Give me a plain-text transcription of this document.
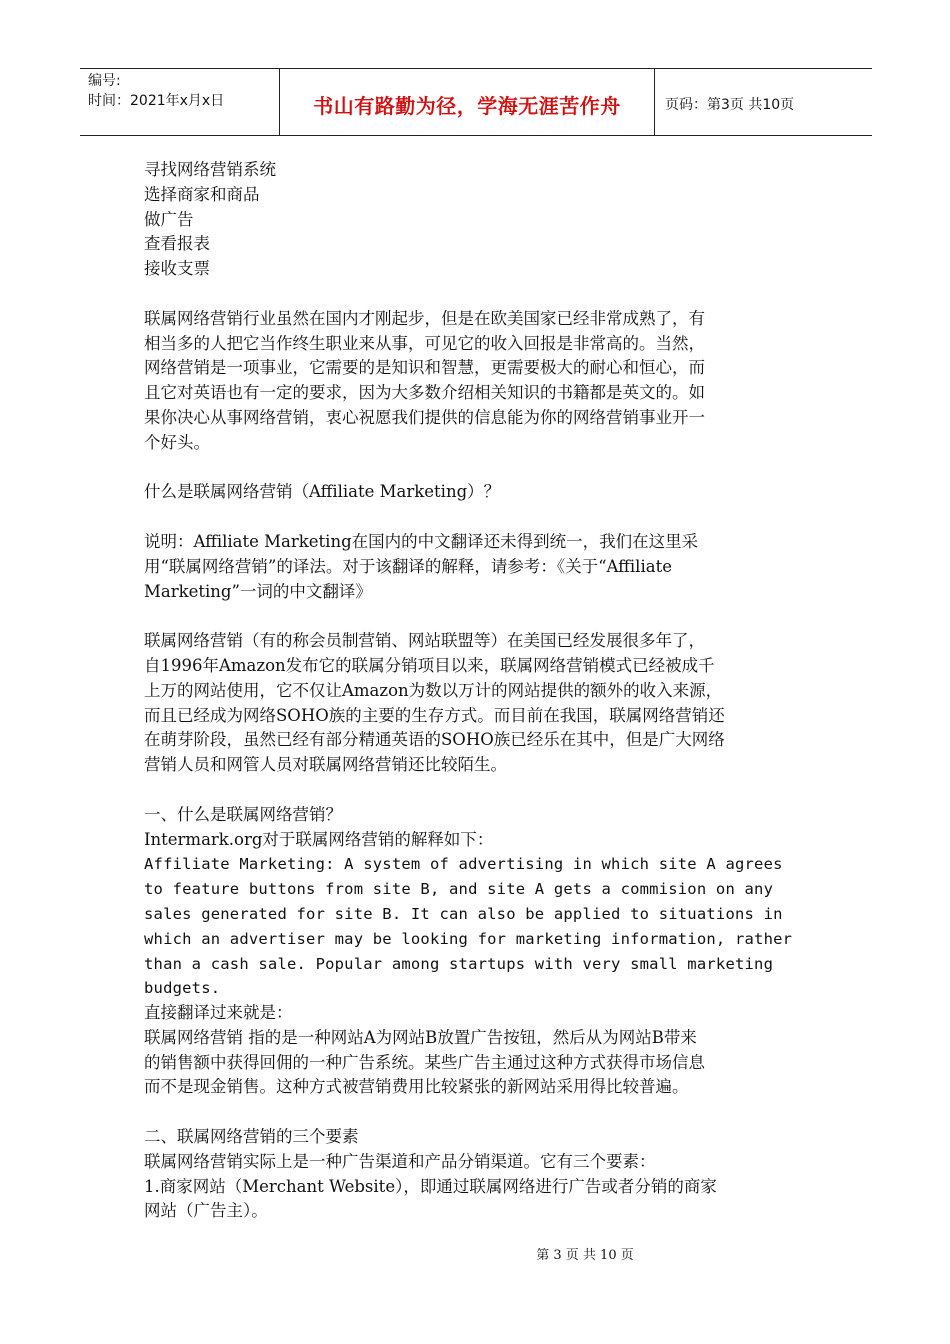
编号:
时间：2021年x月x日	书山有路勤为径，学海无涯苦作舟	页码：第3页 共10页

寻找网络营销系统

选择商家和商品

做广告

查看报表

接收支票

联属网络营销行业虽然在国内才刚起步，但是在欧美国家已经非常成熟了，有

相当多的人把它当作终生职业来从事，可见它的收入回报是非常高的。当然，

网络营销是一项事业，它需要的是知识和智慧，更需要极大的耐心和恒心，而

且它对英语也有一定的要求，因为大多数介绍相关知识的书籍都是英文的。如

果你决心从事网络营销，衷心祝愿我们提供的信息能为你的网络营销事业开一

个好头。

什么是联属网络营销（Affiliate Marketing）？

说明：Affiliate Marketing在国内的中文翻译还未得到统一，我们在这里采

用“联属网络营销”的译法。对于该翻译的解释，请参考：《关于“Affiliate

Marketing”一词的中文翻译》

联属网络营销（有的称会员制营销、网站联盟等）在美国已经发展很多年了，

自1996年Amazon发布它的联属分销项目以来，联属网络营销模式已经被成千

上万的网站使用，它不仅让Amazon为数以万计的网站提供的额外的收入来源，

而且已经成为网络SOHO族的主要的生存方式。而目前在我国，联属网络营销还

在萌芽阶段，虽然已经有部分精通英语的SOHO族已经乐在其中，但是广大网络

营销人员和网管人员对联属网络营销还比较陌生。

一、什么是联属网络营销？

Intermark.org对于联属网络营销的解释如下：

Affiliate Marketing: A system of advertising in which site A agrees

to feature buttons from site B, and site A gets a commision on any

sales generated for site B. It can also be applied to situations in

which an advertiser may be looking for marketing information, rather

than a cash sale. Popular among startups with very small marketing

budgets.

直接翻译过来就是：

联属网络营销 指的是一种网站A为网站B放置广告按钮，然后从为网站B带来

的销售额中获得回佣的一种广告系统。某些广告主通过这种方式获得市场信息

而不是现金销售。这种方式被营销费用比较紧张的新网站采用得比较普遍。

二、联属网络营销的三个要素

联属网络营销实际上是一种广告渠道和产品分销渠道。它有三个要素：

1.商家网站（Merchant Website），即通过联属网络进行广告或者分销的商家

网站（广告主）。

第 3 页 共 10 页
